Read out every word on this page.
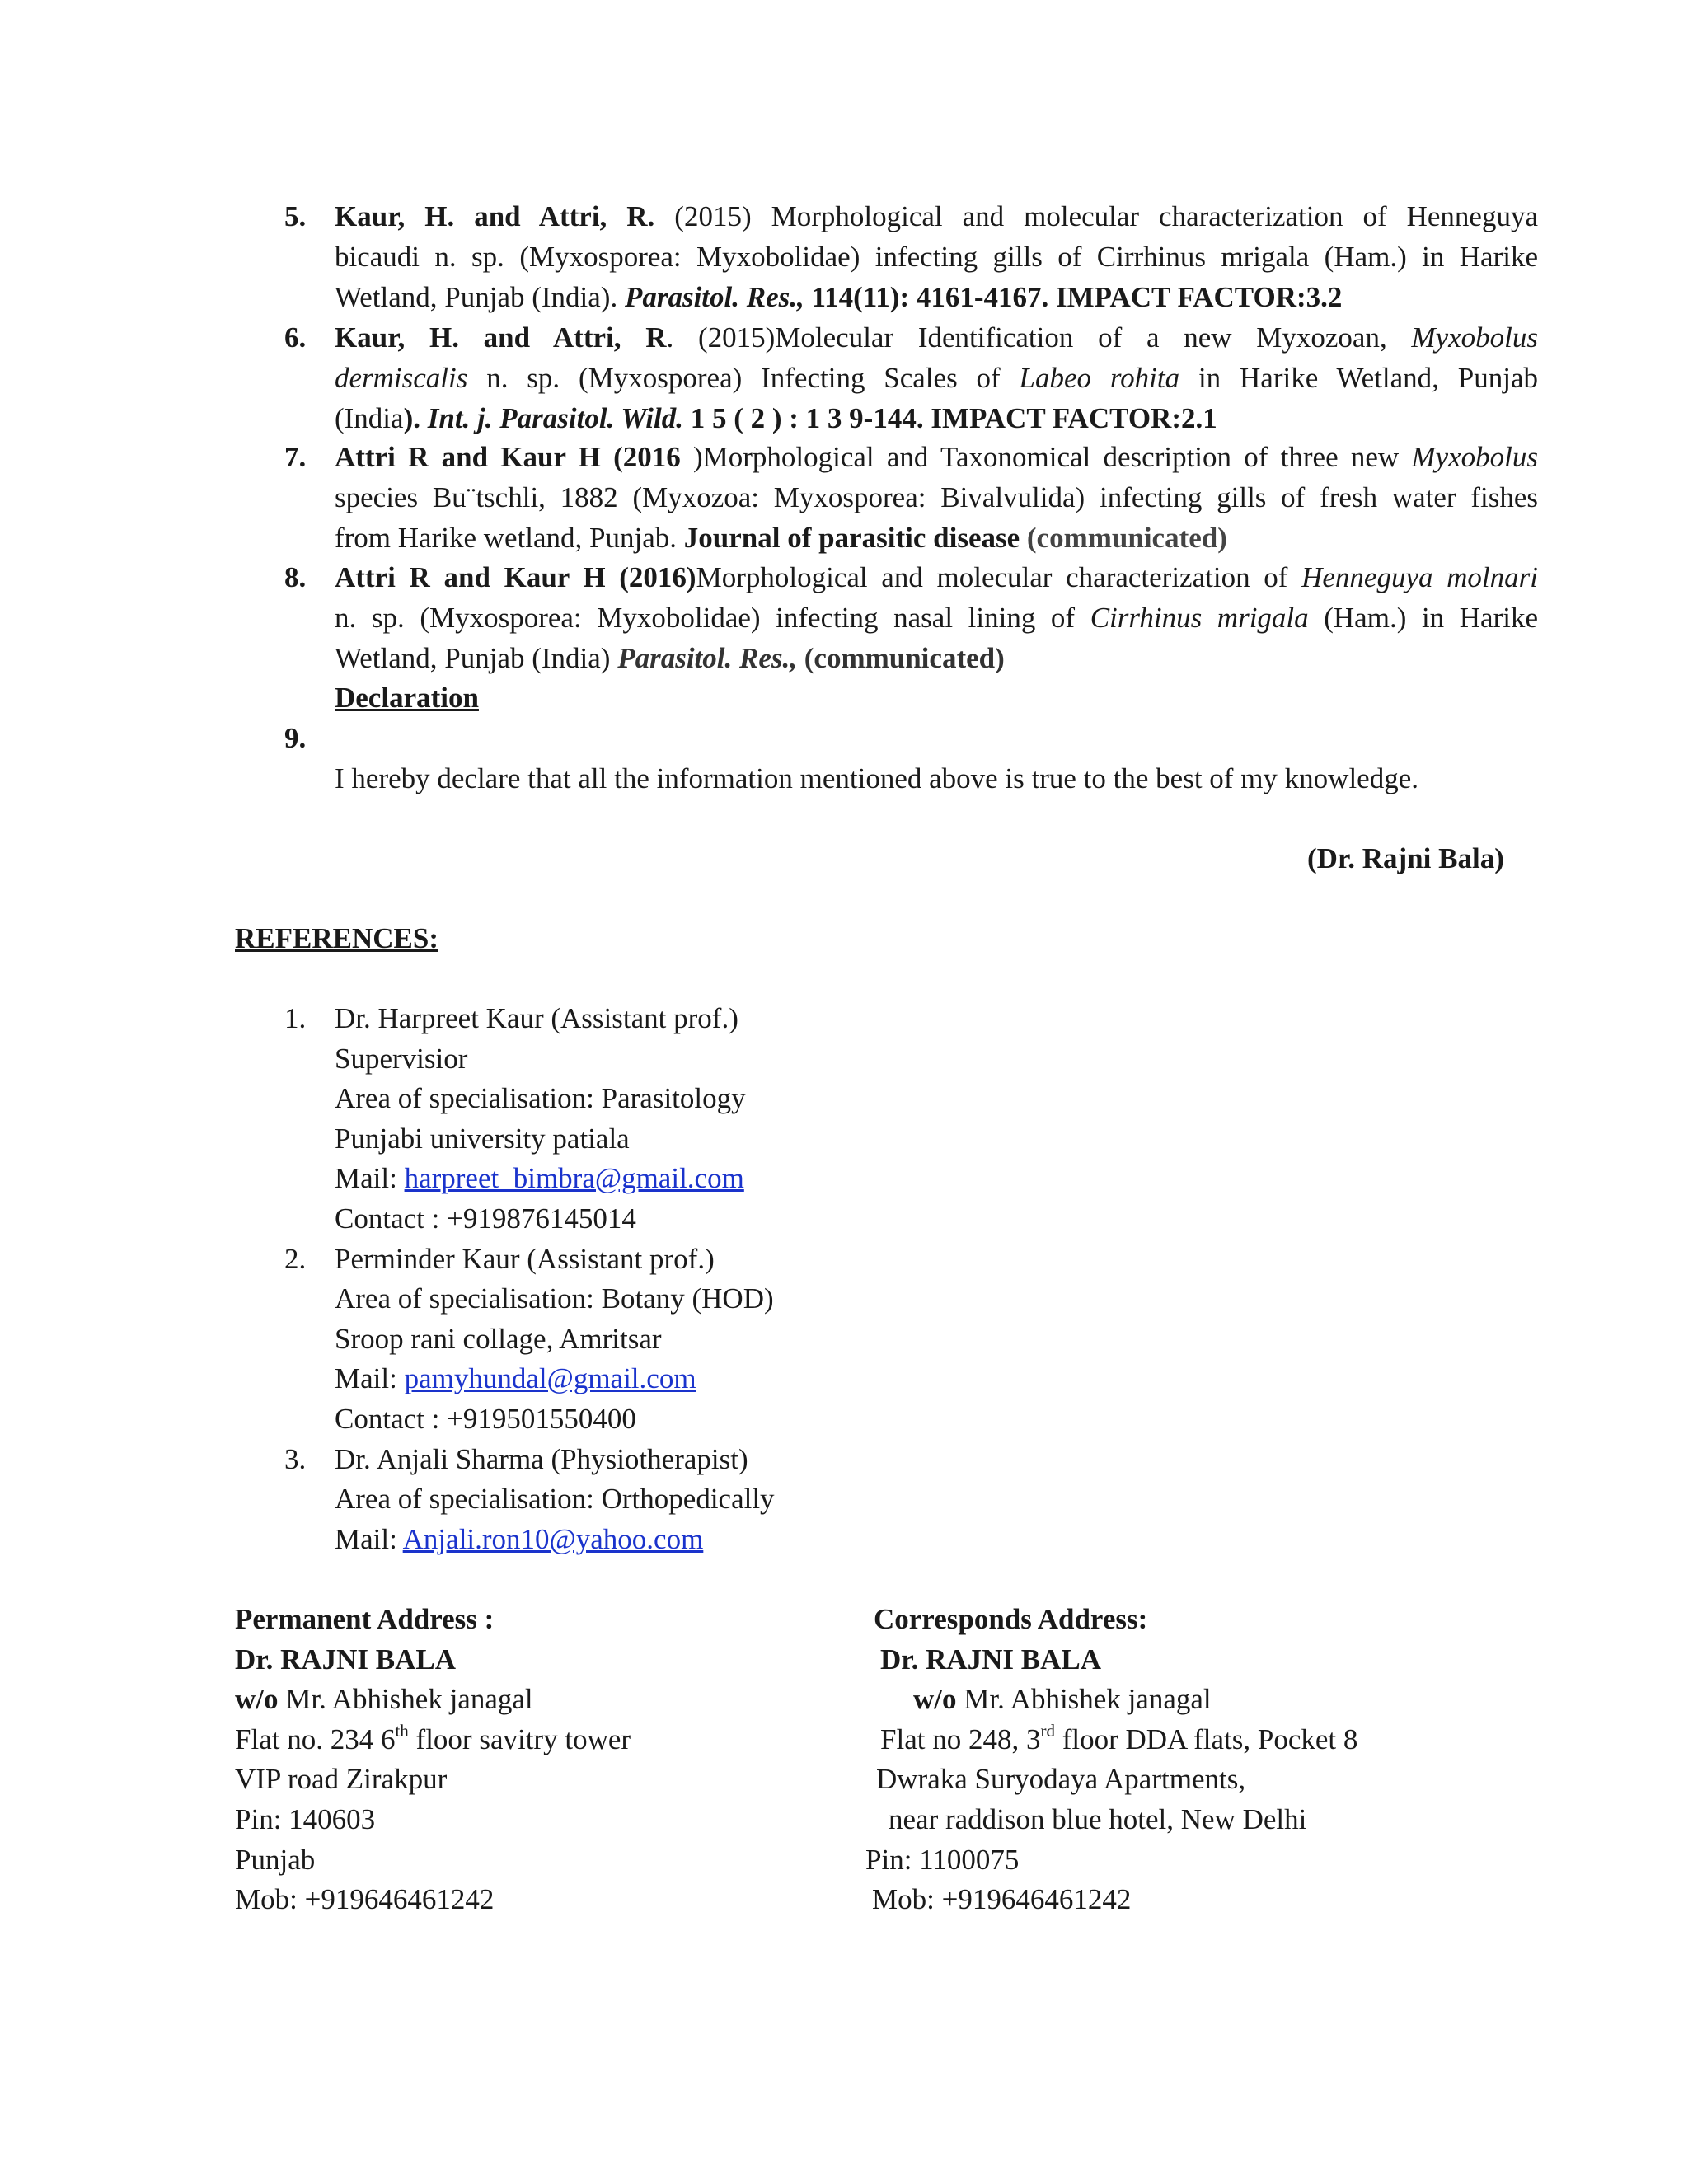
5. Kaur, H. and Attri, R. (2015) Morphological and molecular characterization of Henneguya
bicaudi n. sp. (Myxosporea: Myxobolidae) infecting gills of Cirrhinus mrigala (Ham.) in Harike
Wetland, Punjab (India). Parasitol. Res., 114(11): 4161-4167. IMPACT FACTOR:3.2
6. Kaur, H. and Attri, R. (2015)Molecular Identification of a new Myxozoan, Myxobolus
dermiscalis n. sp. (Myxosporea) Infecting Scales of Labeo rohita in Harike Wetland, Punjab
(India). Int. j. Parasitol. Wild. 1 5 ( 2 ) : 1 3 9-144. IMPACT FACTOR:2.1
7. Attri R and Kaur H (2016 )Morphological and Taxonomical description of three new Myxobolus
species Bu¨tschli, 1882 (Myxozoa: Myxosporea: Bivalvulida) infecting gills of fresh water fishes
from Harike wetland, Punjab. Journal of parasitic disease (communicated)
8. Attri R and Kaur H (2016)Morphological and molecular characterization of Henneguya molnari
n. sp. (Myxosporea: Myxobolidae) infecting nasal lining of Cirrhinus mrigala (Ham.) in Harike
Wetland, Punjab (India) Parasitol. Res., (communicated)
Declaration
9.
I hereby declare that all the information mentioned above is true to the best of my knowledge.
(Dr. Rajni Bala)
REFERENCES:
1. Dr. Harpreet Kaur (Assistant prof.)
Supervisior
Area of specialisation: Parasitology
Punjabi university patiala
Mail: harpreet_bimbra@gmail.com
Contact : +919876145014
2. Perminder Kaur (Assistant prof.)
Area of specialisation: Botany (HOD)
Sroop rani collage, Amritsar
Mail: pamyhundal@gmail.com
Contact : +919501550400
3. Dr. Anjali Sharma (Physiotherapist)
Area of specialisation: Orthopedically
Mail: Anjali.ron10@yahoo.com
Permanent Address :
Dr. RAJNI BALA
w/o Mr. Abhishek janagal
Flat no. 234 6th floor savitry tower
VIP road Zirakpur
Pin: 140603
Punjab
Mob: +919646461242
Corresponds Address:
Dr. RAJNI BALA
w/o Mr. Abhishek janagal
Flat no 248, 3rd floor DDA flats, Pocket 8
Dwraka Suryodaya Apartments,
near raddison blue hotel, New Delhi
Pin: 1100075
Mob: +919646461242
